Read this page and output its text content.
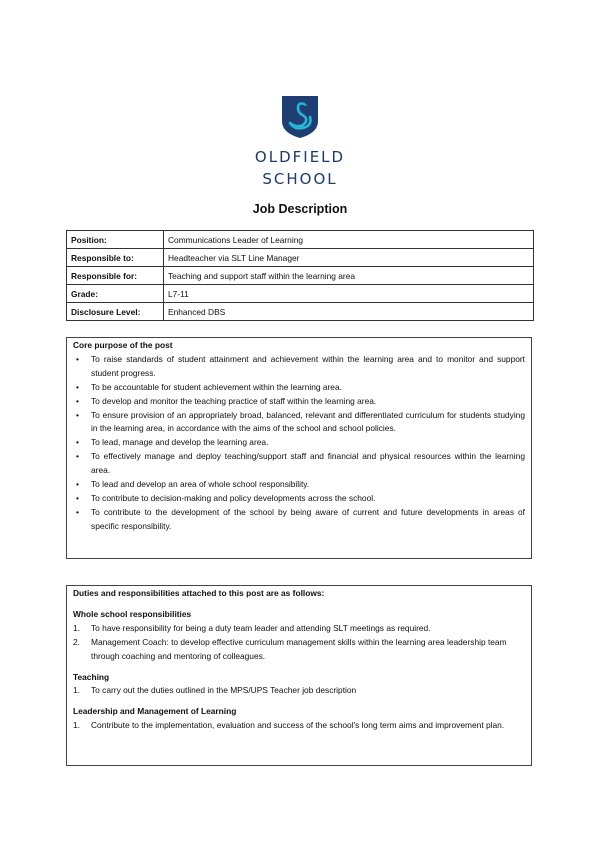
OLDFIELD
SCHOOL
Job Description
Position:	Communications Leader of Learning
Responsible to:	Headteacher via SLT Line Manager
Responsible for:	Teaching and support staff within the learning area
Grade:	L7-11
Disclosure Level:	Enhanced DBS
Core purpose of the post
• To raise standards of student attainment and achievement within the learning area and to monitor and support student progress.
• To be accountable for student achievement within the learning area.
• To develop and monitor the teaching practice of staff within the learning area.
• To ensure provision of an appropriately broad, balanced, relevant and differentiated curriculum for students studying in the learning area, in accordance with the aims of the school and school policies.
• To lead, manage and develop the learning area.
• To effectively manage and deploy teaching/support staff and financial and physical resources within the learning area.
• To lead and develop an area of whole school responsibility.
• To contribute to decision-making and policy developments across the school.
• To contribute to the development of the school by being aware of current and future developments in areas of specific responsibility.
Duties and responsibilities attached to this post are as follows:
Whole school responsibilities
1. To have responsibility for being a duty team leader and attending SLT meetings as required.
2. Management Coach: to develop effective curriculum management skills within the learning area leadership team through coaching and mentoring of colleagues.
Teaching
1. To carry out the duties outlined in the MPS/UPS Teacher job description
Leadership and Management of Learning
1. Contribute to the implementation, evaluation and success of the school's long term aims and improvement plan.
